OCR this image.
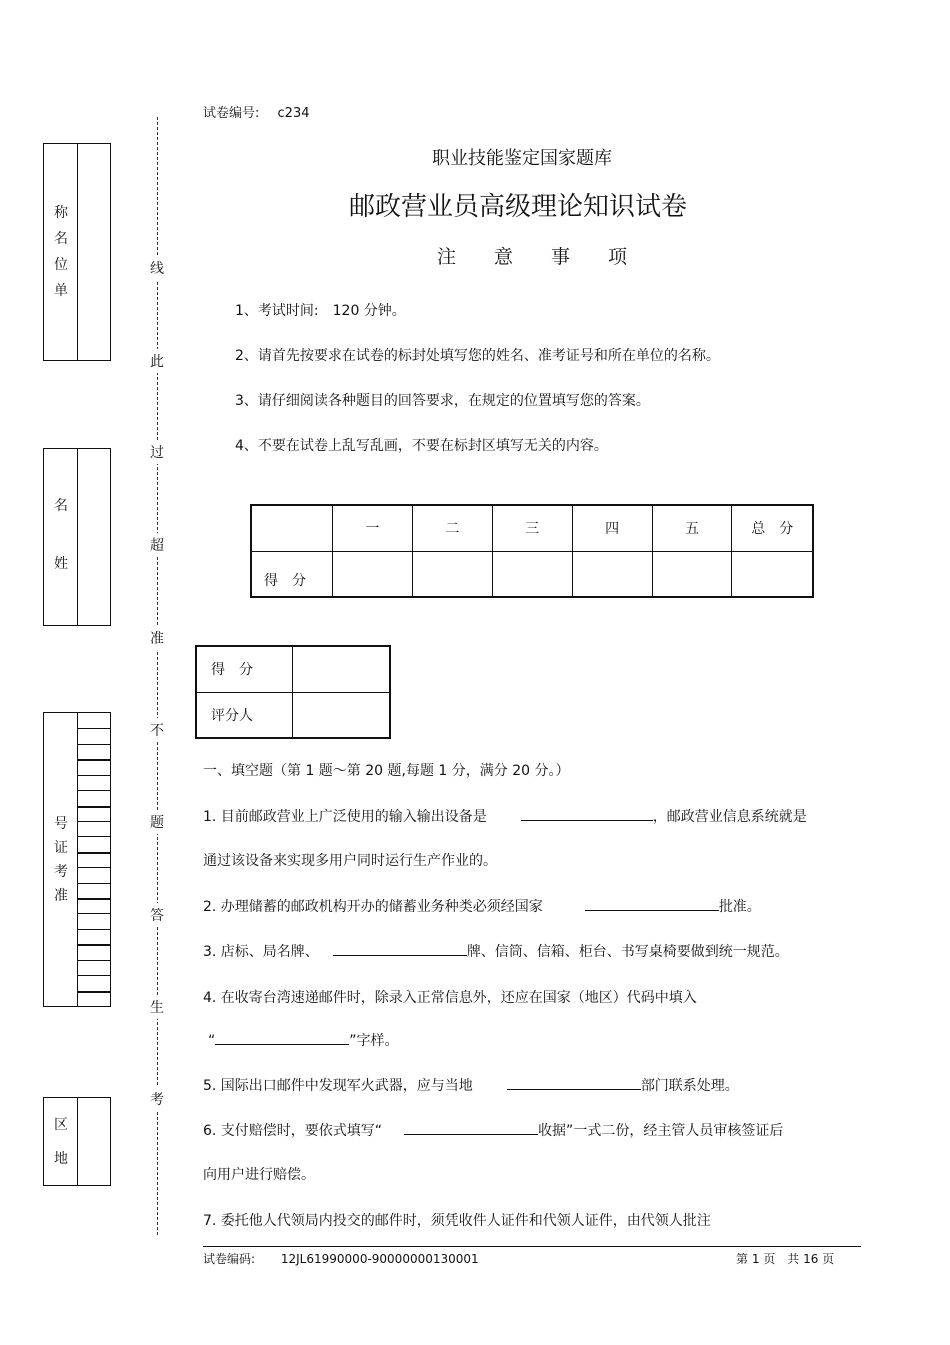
试卷编号: c234
职业技能鉴定国家题库
邮政营业员高级理论知识试卷
注　　意　　事　　项
称
名
位
单
名
姓
号
证
考
准
区
地
线
此
过
超
准
不
题
答
生
考
1、考试时间:　120 分钟。
2、请首先按要求在试卷的标封处填写您的姓名、准考证号和所在单位的名称。
3、请仔细阅读各种题目的回答要求，在规定的位置填写您的答案。
4、不要在试卷上乱写乱画，不要在标封区填写无关的内容。
	一	二	三	四	五	总　分
得　分						
得　分	
评分人	
一、填空题（第 1 题～第 20 题,每题 1 分，满分 20 分。）
1. 目前邮政营业上广泛使用的输入输出设备是	，邮政营业信息系统就是
通过该设备来实现多用户同时运行生产作业的。
2. 办理储蓄的邮政机构开办的储蓄业务种类必须经国家	批准。
3. 店标、局名牌、	牌、信筒、信箱、柜台、书写桌椅要做到统一规范。
4. 在收寄台湾速递邮件时，除录入正常信息外，还应在国家（地区）代码中填入
“	”字样。
5. 国际出口邮件中发现军火武器，应与当地	部门联系处理。
6. 支付赔偿时，要依式填写“	收据”一式二份，经主管人员审核签证后
向用户进行赔偿。
7. 委托他人代领局内投交的邮件时，须凭收件人证件和代领人证件，由代领人批注
试卷编码: 12JL61990000-90000000130001	第 1 页　共 16 页
